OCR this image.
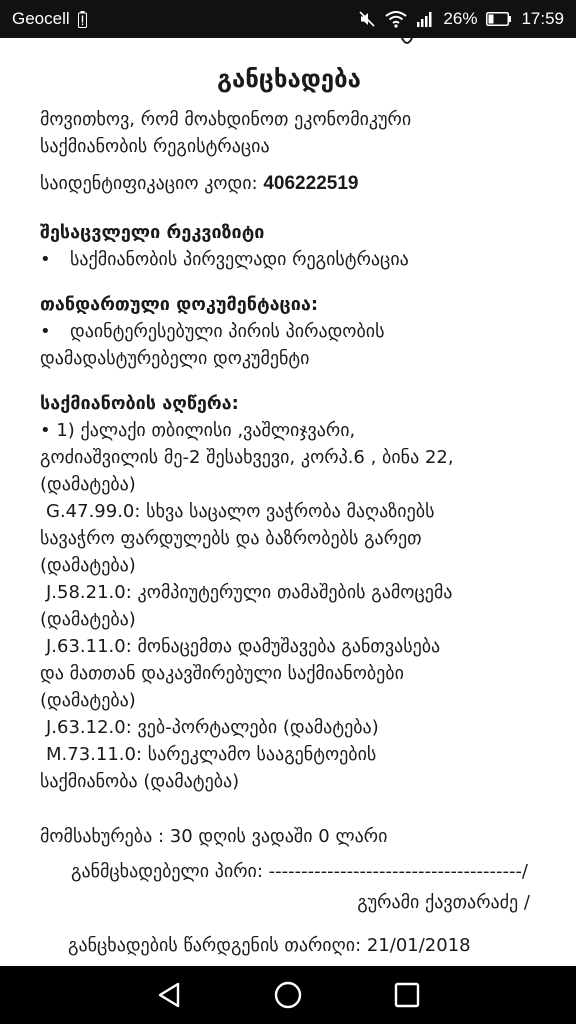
Geocell	26%	17:59
განცხადება
მოვითხოვ, რომ მოახდინოთ ეკონომიკური
საქმიანობის რეგისტრაცია
საიდენტიფიკაციო კოდი: 406222519
შესაცვლელი რეკვიზიტი
•	საქმიანობის პირველადი რეგისტრაცია
თანდართული დოკუმენტაცია:
•	დაინტერესებული პირის პირადობის
დამადასტურებელი დოკუმენტი
საქმიანობის აღწერა:
• 1) ქალაქი თბილისი ,ვაშლიჯვარი,
გოძიაშვილის მე-2 შესახვევი, კორპ.6 , ბინა 22,
(დამატება)
G.47.99.0: სხვა საცალო ვაჭრობა მაღაზიებს
სავაჭრო ფარდულებს და ბაზრობებს გარეთ
(დამატება)
J.58.21.0: კომპიუტერული თამაშების გამოცემა
(დამატება)
J.63.11.0: მონაცემთა დამუშავება განთვასება
და მათთან დაკავშირებული საქმიანობები
(დამატება)
J.63.12.0: ვებ-პორტალები (დამატება)
M.73.11.0: სარეკლამო სააგენტოების
საქმიანობა (დამატება)
მომსახურება : 30 დღის ვადაში 0 ლარი
განმცხადებელი პირი: ---------------------------------------/
გურამი ქავთარაძე /
განცხადების წარდგენის თარიღი: 21/01/2018
